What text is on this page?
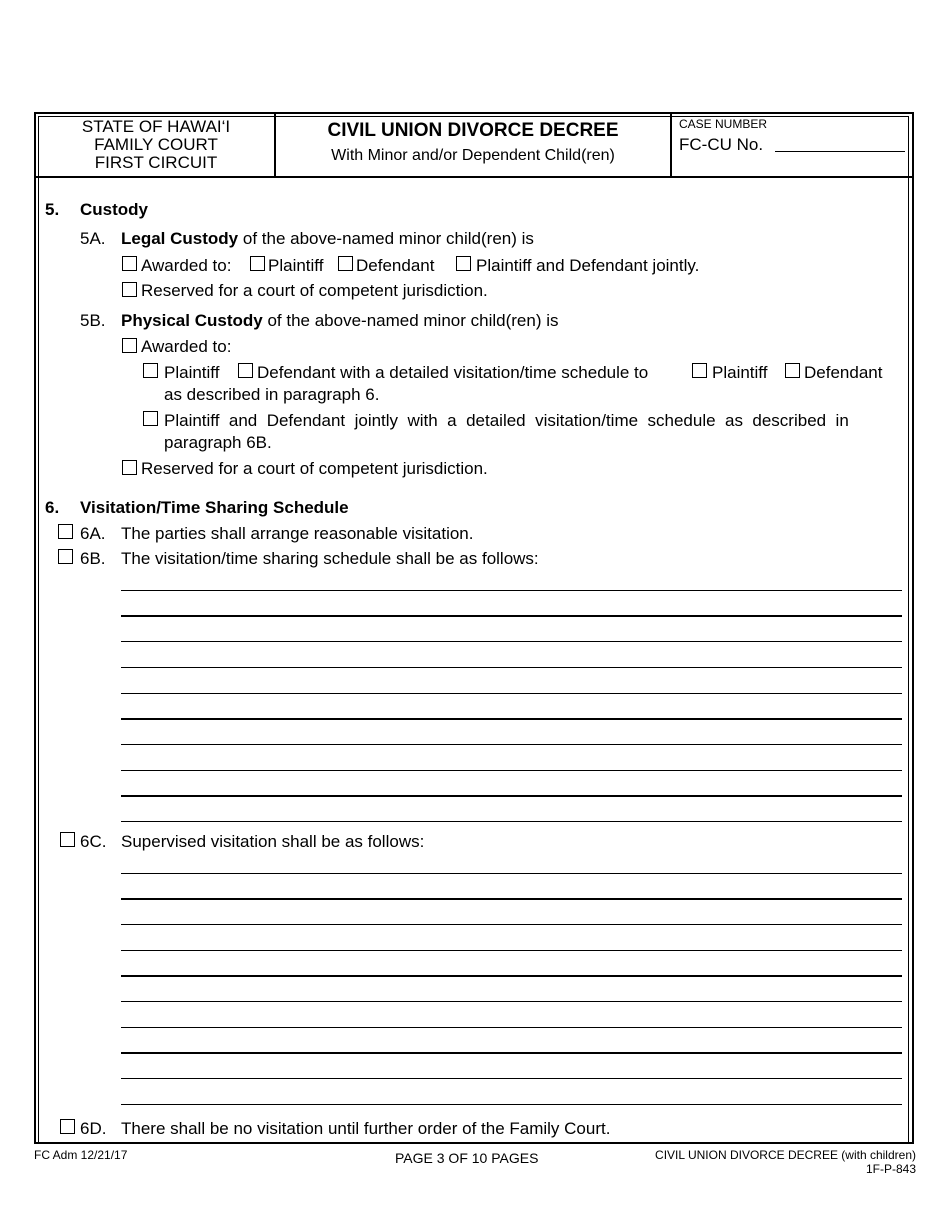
STATE OF HAWAI‘I
FAMILY COURT
FIRST CIRCUIT
CIVIL UNION DIVORCE DECREE
With Minor and/or Dependent Child(ren)
CASE NUMBER
FC-CU No.
5. Custody
5A. Legal Custody of the above-named minor child(ren) is
Awarded to: Plaintiff Defendant Plaintiff and Defendant jointly.
Reserved for a court of competent jurisdiction.
5B. Physical Custody of the above-named minor child(ren) is
Awarded to:
Plaintiff Defendant with a detailed visitation/time schedule to	Plaintiff Defendant
as described in paragraph 6.
Plaintiff  and  Defendant  jointly  with  a  detailed  visitation/time  schedule  as  described  in
paragraph 6B.
Reserved for a court of competent jurisdiction.
6. Visitation/Time Sharing Schedule
6A. The parties shall arrange reasonable visitation.
6B. The visitation/time sharing schedule shall be as follows:
6C. Supervised visitation shall be as follows:
6D. There shall be no visitation until further order of the Family Court.
FC Adm 12/21/17	PAGE 3 OF 10 PAGES	CIVIL UNION DIVORCE DECREE (with children)
1F-P-843
